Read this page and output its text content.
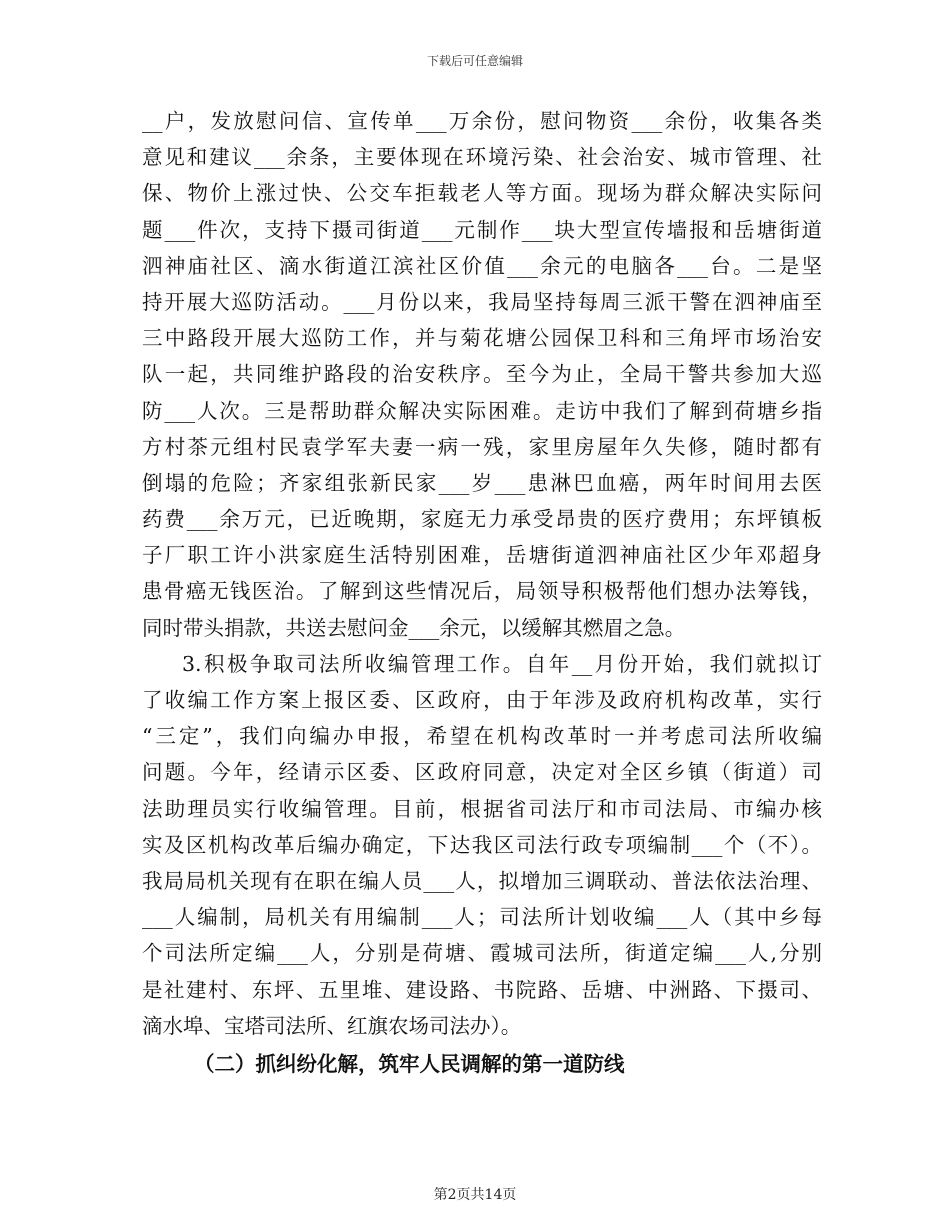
下载后可任意编辑
__户，发放慰问信、宣传单___万余份，慰问物资___余份，收集各类
意见和建议___余条，主要体现在环境污染、社会治安、城市管理、社
保、物价上涨过快、公交车拒载老人等方面。现场为群众解决实际问
题___件次，支持下摄司街道___元制作___块大型宣传墙报和岳塘街道
泗神庙社区、滴水街道江滨社区价值___余元的电脑各___台。二是坚
持开展大巡防活动。___月份以来，我局坚持每周三派干警在泗神庙至
三中路段开展大巡防工作，并与菊花塘公园保卫科和三角坪市场治安
队一起，共同维护路段的治安秩序。至今为止，全局干警共参加大巡
防___人次。三是帮助群众解决实际困难。走访中我们了解到荷塘乡指
方村茶元组村民袁学军夫妻一病一残，家里房屋年久失修，随时都有
倒塌的危险；齐家组张新民家___岁___患淋巴血癌，两年时间用去医
药费___余万元，已近晚期，家庭无力承受昂贵的医疗费用；东坪镇板
子厂职工许小洪家庭生活特别困难，岳塘街道泗神庙社区少年邓超身
患骨癌无钱医治。了解到这些情况后，局领导积极帮他们想办法筹钱，
同时带头捐款，共送去慰问金___余元，以缓解其燃眉之急。
3.积极争取司法所收编管理工作。自年__月份开始，我们就拟订
了收编工作方案上报区委、区政府，由于年涉及政府机构改革，实行
“三定”，我们向编办申报，希望在机构改革时一并考虑司法所收编
问题。今年，经请示区委、区政府同意，决定对全区乡镇（街道）司
法助理员实行收编管理。目前，根据省司法厅和市司法局、市编办核
实及区机构改革后编办确定，下达我区司法行政专项编制___个（不）。
我局局机关现有在职在编人员___人，拟增加三调联动、普法依法治理、
___人编制，局机关有用编制___人；司法所计划收编___人（其中乡每
个司法所定编___人，分别是荷塘、霞城司法所，街道定编___人,分别
是社建村、东坪、五里堆、建设路、书院路、岳塘、中洲路、下摄司、
滴水埠、宝塔司法所、红旗农场司法办）。
（二）抓纠纷化解，筑牢人民调解的第一道防线
第2页共14页
